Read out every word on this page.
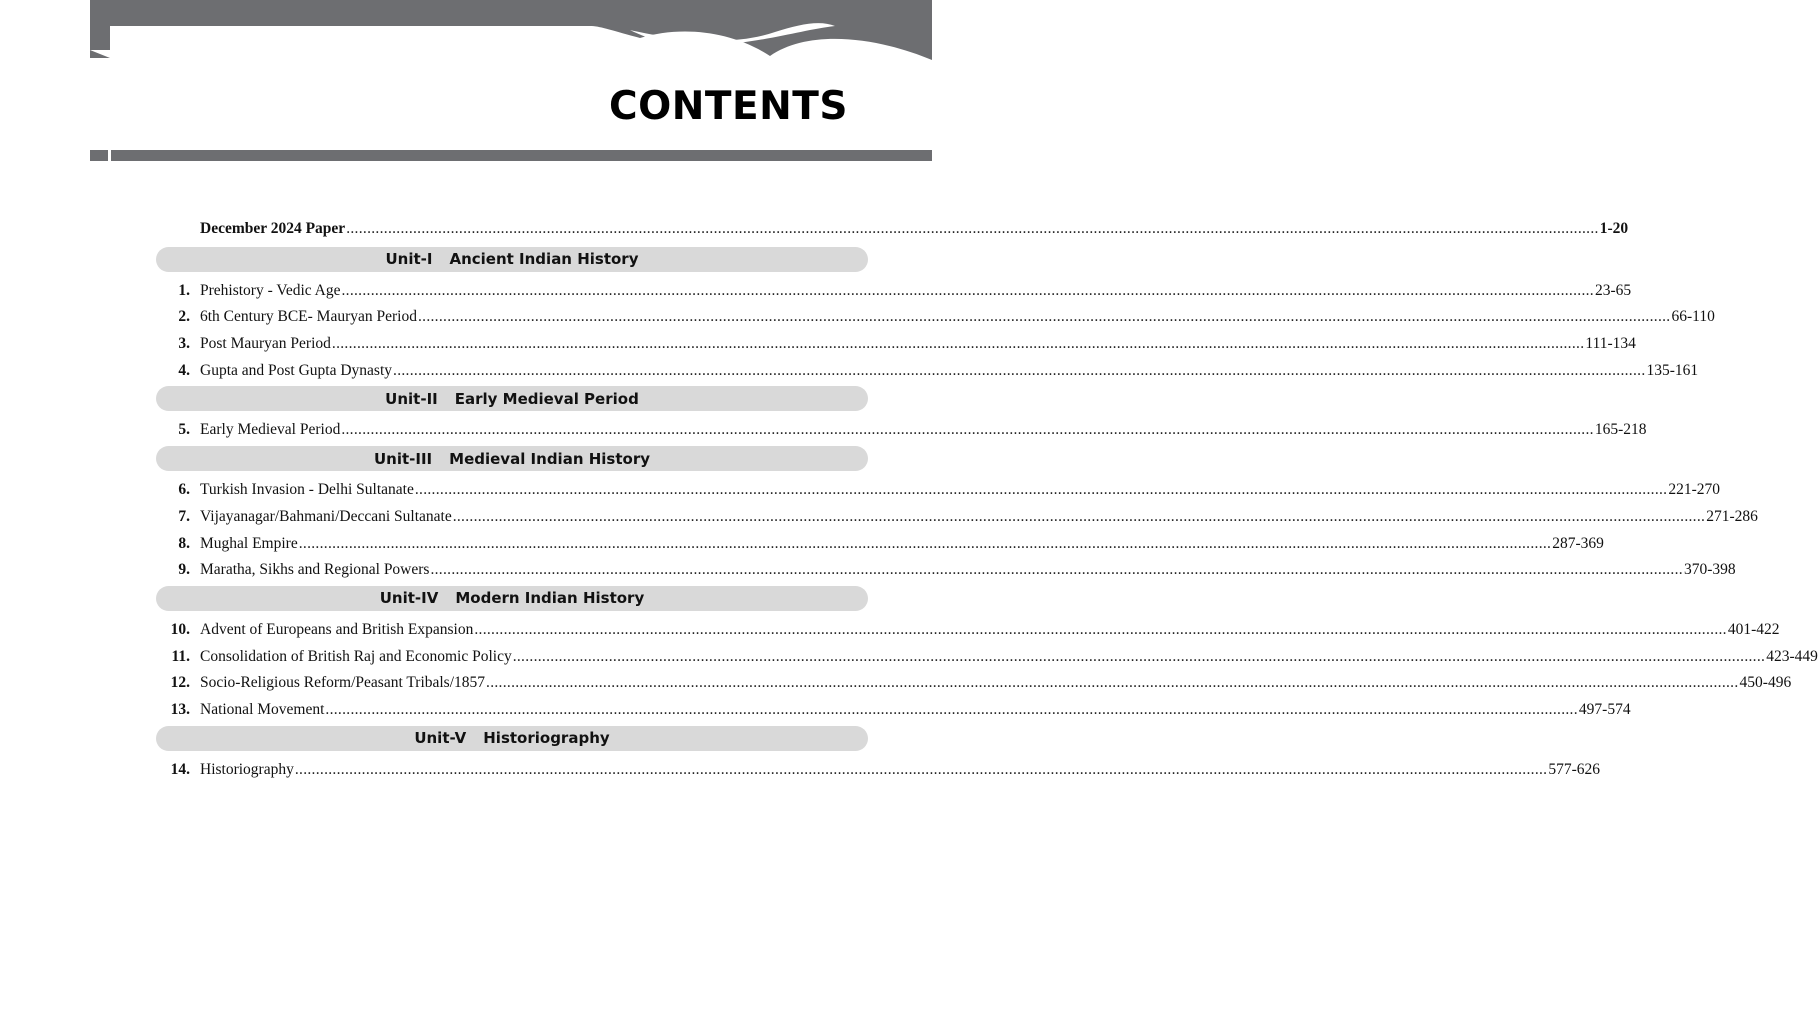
CONTENTS
December 2024 Paper ............................................................................................................................................................................................................................................................................................................ 1-20
Unit-I Ancient Indian History
1. Prehistory - Vedic Age ............................................................................................................................................................................................................................................................................................................ 23-65
2. 6th Century BCE- Mauryan Period ............................................................................................................................................................................................................................................................................................................ 66-110
3. Post Mauryan Period ............................................................................................................................................................................................................................................................................................................ 111-134
4. Gupta and Post Gupta Dynasty ............................................................................................................................................................................................................................................................................................................ 135-161
Unit-II Early Medieval Period
5. Early Medieval Period ............................................................................................................................................................................................................................................................................................................ 165-218
Unit-III Medieval Indian History
6. Turkish Invasion - Delhi Sultanate ............................................................................................................................................................................................................................................................................................................ 221-270
7. Vijayanagar/Bahmani/Deccani Sultanate ............................................................................................................................................................................................................................................................................................................ 271-286
8. Mughal Empire ............................................................................................................................................................................................................................................................................................................ 287-369
9. Maratha, Sikhs and Regional Powers ............................................................................................................................................................................................................................................................................................................ 370-398
Unit-IV Modern Indian History
10. Advent of Europeans and British Expansion ............................................................................................................................................................................................................................................................................................................ 401-422
11. Consolidation of British Raj and Economic Policy ............................................................................................................................................................................................................................................................................................................ 423-449
12. Socio-Religious Reform/Peasant Tribals/1857 ............................................................................................................................................................................................................................................................................................................ 450-496
13. National Movement ............................................................................................................................................................................................................................................................................................................ 497-574
Unit-V Historiography
14. Historiography ............................................................................................................................................................................................................................................................................................................ 577-626
